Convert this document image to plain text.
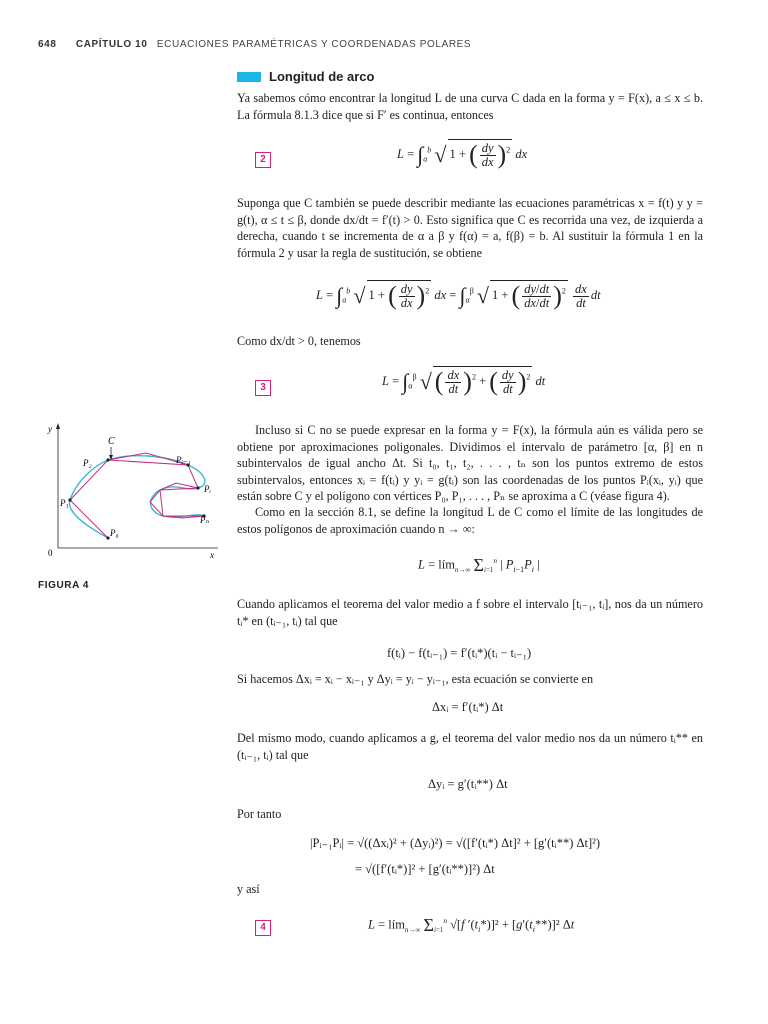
648 CAPÍTULO 10 ECUACIONES PARAMÉTRICAS Y COORDENADAS POLARES
Longitud de arco
Ya sabemos cómo encontrar la longitud L de una curva C dada en la forma y = F(x), a ≤ x ≤ b. La fórmula 8.1.3 dice que si F′ es continua, entonces
2	$L = \int_a^b$ √ 1 + ( $\frac{dy}{dx} )^2$ dx
Suponga que C también se puede describir mediante las ecuaciones paramétricas x = f(t) y y = g(t), α ≤ t ≤ β, donde dx/dt = f′(t) > 0. Esto significa que C es recorrida una vez, de izquierda a derecha, cuando t se incrementa de α a β y f(α) = a, f(β) = b. Al sustituir la fórmula 1 en la fórmula 2 y usar la regla de sustitución, se obtiene
$L = \int_a^b$ √ 1 + ( $\frac{dy}{dx} )^2$ dx = $\int_\alpha^\beta$ √ 1 + ( $\frac{dy/dt}{dx/dt} )^2 \frac{dx}{dt}$ dt
Como dx/dt > 0, tenemos
3	$L = \int_\alpha^\beta$ √ ( $\frac{dx}{dt} )^2$ + ( $\frac{dy}{dt} )^2$ dt
Incluso si C no se puede expresar en la forma y = F(x), la fórmula aún es válida pero se obtiene por aproximaciones poligonales. Dividimos el intervalo de parámetro [α, β] en n subintervalos de igual ancho Δt. Si t₀, t₁, t₂, . . . , tₙ son los puntos extremo de estos subintervalos, entonces xᵢ = f(tᵢ) y yᵢ = g(tᵢ) son las coordenadas de los puntos Pᵢ(xᵢ, yᵢ) que están sobre C y el polígono con vértices P₀, P₁, . . . , Pₙ se aproxima a C (véase figura 4).
Como en la sección 8.1, se define la longitud L de C como el límite de las longitudes de estos polígonos de aproximación cuando n → ∞:
L = lím$_{n\to\infty}$ $\Sigma_{i=1}^n$ | $P_{i-1}P_i$ |
Cuando aplicamos el teorema del valor medio a f sobre el intervalo [tᵢ₋₁, tᵢ], nos da un número tᵢ* en (tᵢ₋₁, tᵢ) tal que
f(tᵢ) − f(tᵢ₋₁) = f′(tᵢ*)(tᵢ − tᵢ₋₁)
Si hacemos Δxᵢ = xᵢ − xᵢ₋₁ y Δyᵢ = yᵢ − yᵢ₋₁, esta ecuación se convierte en
Δxᵢ = f′(tᵢ*) Δt
Del mismo modo, cuando aplicamos a g, el teorema del valor medio nos da un número tᵢ** en (tᵢ₋₁, tᵢ) tal que
Δyᵢ = g′(tᵢ**) Δt
Por tanto
|Pᵢ₋₁Pᵢ| = √((Δxᵢ)² + (Δyᵢ)²) = √([f′(tᵢ*) Δt]² + [g′(tᵢ**) Δt]²)
= √([f′(tᵢ*)]² + [g′(tᵢ**)]²) Δt
y así
4	L = lím$_{n\to\infty}$ $\Sigma_{i=1}^n$ √[f $'(t_i*)]^2 + [g'(t_i**)]^2$ Δt
y
x
0
C
P₀
P₁
P₂	Pᵢ₋₁
Pᵢ
Pₙ
FIGURA 4
